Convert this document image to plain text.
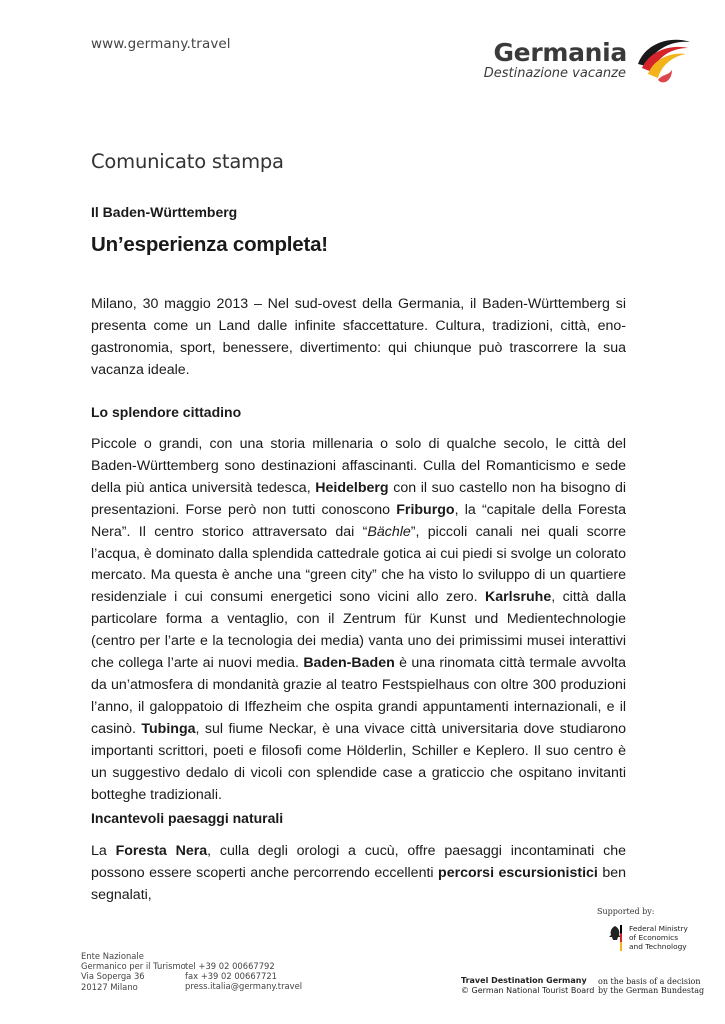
www.germany.travel	Germania
Destinazione vacanze
Comunicato stampa
Il Baden-Württemberg
Un’esperienza completa!

Milano, 30 maggio 2013 – Nel sud-ovest della Germania, il Baden-Württemberg si presenta come un Land dalle infinite sfaccettature. Cultura, tradizioni, città, eno-gastronomia, sport, benessere, divertimento: qui chiunque può trascorrere la sua vacanza ideale.

Lo splendore cittadino

Piccole o grandi, con una storia millenaria o solo di qualche secolo, le città del Baden-Württemberg sono destinazioni affascinanti. Culla del Romanticismo e sede della più antica università tedesca, Heidelberg con il suo castello non ha bisogno di presentazioni. Forse però non tutti conoscono Friburgo, la “capitale della Foresta Nera”. Il centro storico attraversato dai “Bächle”, piccoli canali nei quali scorre l’acqua, è dominato dalla splendida cattedrale gotica ai cui piedi si svolge un colorato mercato. Ma questa è anche una “green city” che ha visto lo sviluppo di un quartiere residenziale i cui consumi energetici sono vicini allo zero. Karlsruhe, città dalla particolare forma a ventaglio, con il Zentrum für Kunst und Medientechnologie (centro per l’arte e la tecnologia dei media) vanta uno dei primissimi musei interattivi che collega l’arte ai nuovi media. Baden-Baden è una rinomata città termale avvolta da un’atmosfera di mondanità grazie al teatro Festspielhaus con oltre 300 produzioni l’anno, il galoppatoio di Iffezheim che ospita grandi appuntamenti internazionali, e il casinò. Tubinga, sul fiume Neckar, è una vivace città universitaria dove studiarono importanti scrittori, poeti e filosofi come Hölderlin, Schiller e Keplero. Il suo centro è un suggestivo dedalo di vicoli con splendide case a graticcio che ospitano invitanti botteghe tradizionali.

Incantevoli paesaggi naturali

La Foresta Nera, culla degli orologi a cucù, offre paesaggi incontaminati che possono essere scoperti anche percorrendo eccellenti percorsi escursionistici ben segnalati,

Supported by:
Federal Ministry
of Economics
and Technology
Ente Nazionale
Germanico per il Turismo
Via Soperga 36
20127 Milano
tel +39 02 00667792
fax +39 02 00667721
press.italia@germany.travel
Travel Destination Germany
© German National Tourist Board
on the basis of a decision
by the German Bundestag
